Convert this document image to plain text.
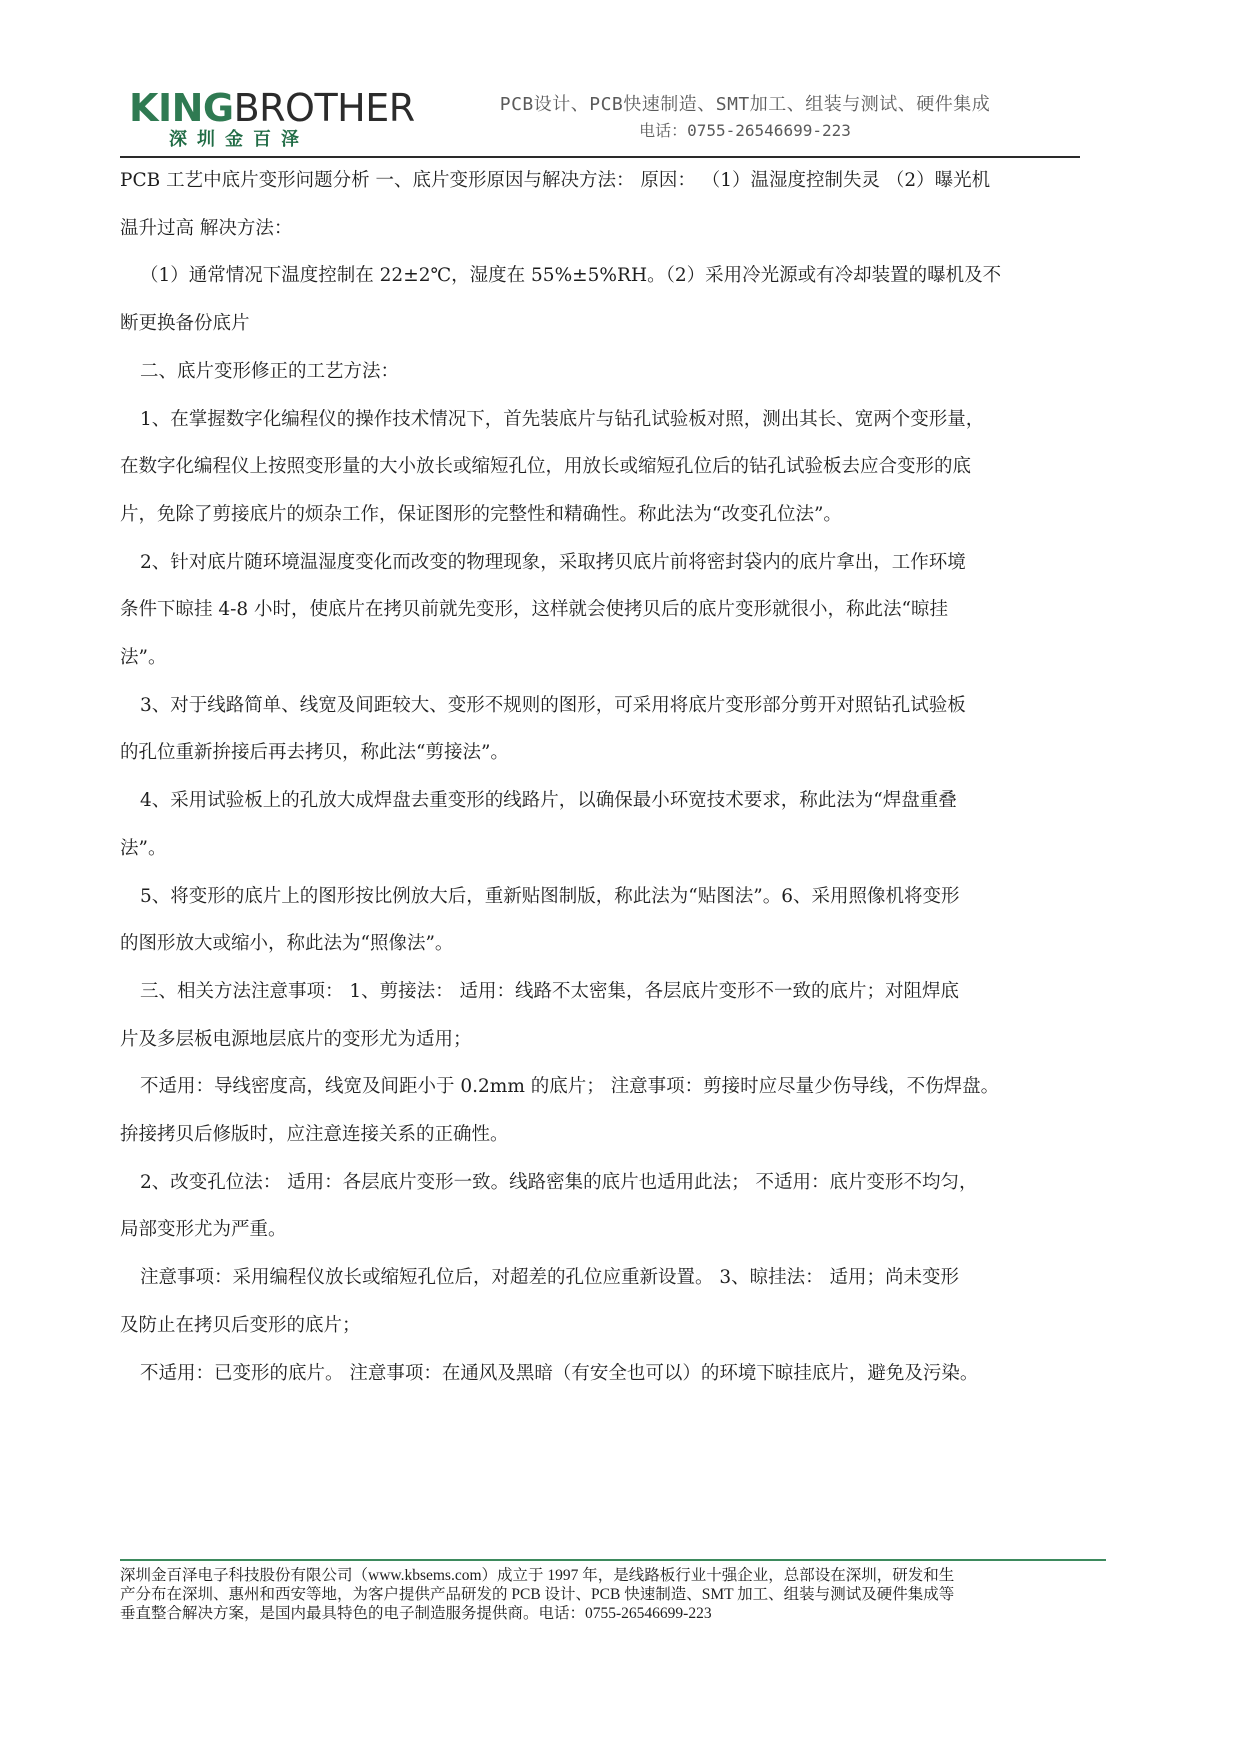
KINGBROTHER
深圳金百泽
PCB设计、PCB快速制造、SMT加工、组装与测试、硬件集成
电话：0755-26546699-223
PCB 工艺中底片变形问题分析 一、底片变形原因与解决方法： 原因： （1）温湿度控制失灵 （2）曝光机
温升过高 解决方法：
（1）通常情况下温度控制在 22±2℃，湿度在 55%±5%RH。（2）采用冷光源或有冷却装置的曝机及不
断更换备份底片
二、底片变形修正的工艺方法：
1、在掌握数字化编程仪的操作技术情况下，首先装底片与钻孔试验板对照，测出其长、宽两个变形量，
在数字化编程仪上按照变形量的大小放长或缩短孔位，用放长或缩短孔位后的钻孔试验板去应合变形的底
片，免除了剪接底片的烦杂工作，保证图形的完整性和精确性。称此法为“改变孔位法”。
2、针对底片随环境温湿度变化而改变的物理现象，采取拷贝底片前将密封袋内的底片拿出，工作环境
条件下晾挂 4-8 小时，使底片在拷贝前就先变形，这样就会使拷贝后的底片变形就很小，称此法“晾挂
法”。
3、对于线路简单、线宽及间距较大、变形不规则的图形，可采用将底片变形部分剪开对照钻孔试验板
的孔位重新拚接后再去拷贝，称此法“剪接法”。
4、采用试验板上的孔放大成焊盘去重变形的线路片，以确保最小环宽技术要求，称此法为“焊盘重叠
法”。
5、将变形的底片上的图形按比例放大后，重新贴图制版，称此法为“贴图法”。6、采用照像机将变形
的图形放大或缩小，称此法为“照像法”。
三、相关方法注意事项： 1、剪接法： 适用：线路不太密集，各层底片变形不一致的底片；对阻焊底
片及多层板电源地层底片的变形尤为适用；
不适用：导线密度高，线宽及间距小于 0.2mm 的底片； 注意事项：剪接时应尽量少伤导线，不伤焊盘。
拚接拷贝后修版时，应注意连接关系的正确性。
2、改变孔位法： 适用：各层底片变形一致。线路密集的底片也适用此法； 不适用：底片变形不均匀，
局部变形尤为严重。
注意事项：采用编程仪放长或缩短孔位后，对超差的孔位应重新设置。 3、晾挂法： 适用；尚未变形
及防止在拷贝后变形的底片；
不适用：已变形的底片。 注意事项：在通风及黑暗（有安全也可以）的环境下晾挂底片，避免及污染。
深圳金百泽电子科技股份有限公司（www.kbsems.com）成立于 1997 年，是线路板行业十强企业，总部设在深圳，研发和生
产分布在深圳、惠州和西安等地，为客户提供产品研发的 PCB 设计、PCB 快速制造、SMT 加工、组装与测试及硬件集成等
垂直整合解决方案，是国内最具特色的电子制造服务提供商。电话：0755-26546699-223
